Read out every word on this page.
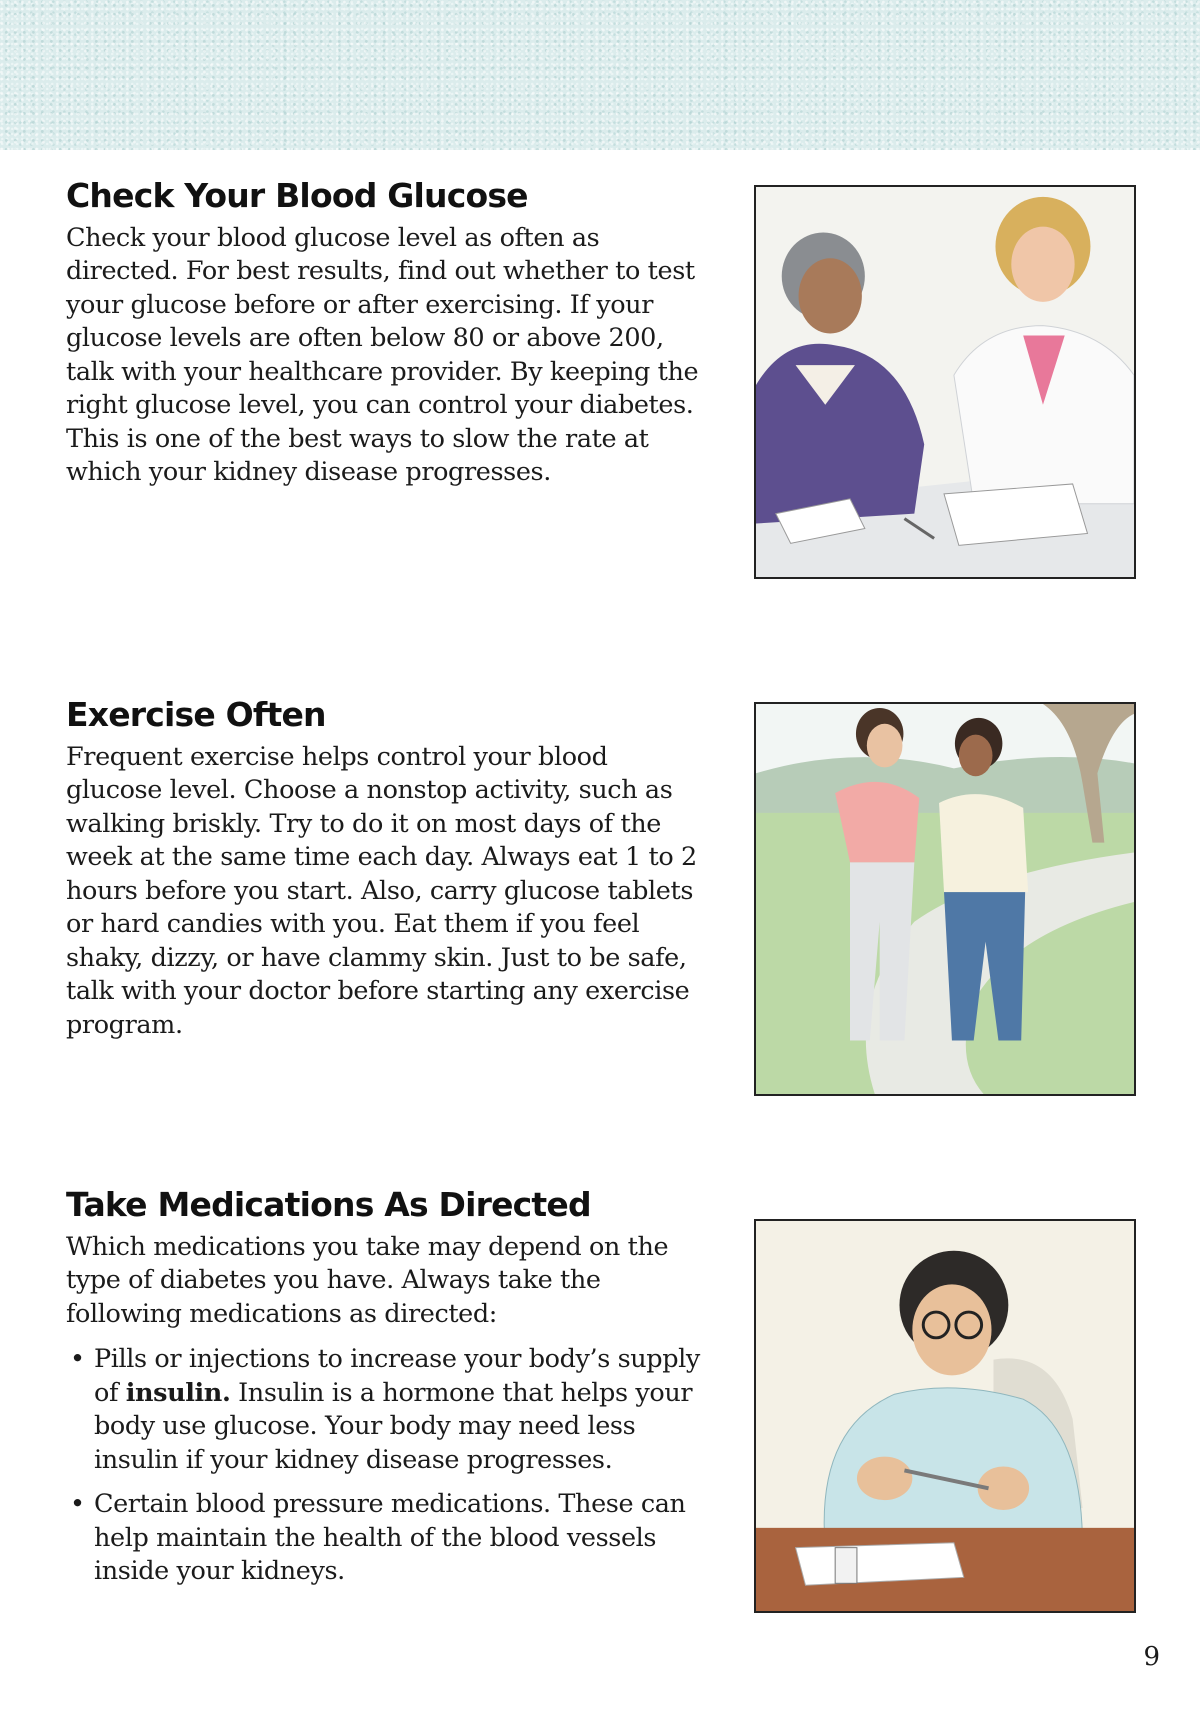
Check Your Blood Glucose

Check your blood glucose level as often as directed. For best results, find out whether to test your glucose before or after exercising. If your glucose levels are often below 80 or above 200, talk with your healthcare provider. By keeping the right glucose level, you can control your diabetes. This is one of the best ways to slow the rate at which your kidney disease progresses.

Exercise Often

Frequent exercise helps control your blood glucose level. Choose a nonstop activity, such as walking briskly. Try to do it on most days of the week at the same time each day. Always eat 1 to 2 hours before you start. Also, carry glucose tablets or hard candies with you. Eat them if you feel shaky, dizzy, or have clammy skin. Just to be safe, talk with your doctor before starting any exercise program.

Take Medications As Directed

Which medications you take may depend on the type of diabetes you have. Always take the following medications as directed:

• Pills or injections to increase your body’s supply of insulin. Insulin is a hormone that helps your body use glucose. Your body may need less insulin if your kidney disease progresses.
• Certain blood pressure medications. These can help maintain the health of the blood vessels inside your kidneys.
9
